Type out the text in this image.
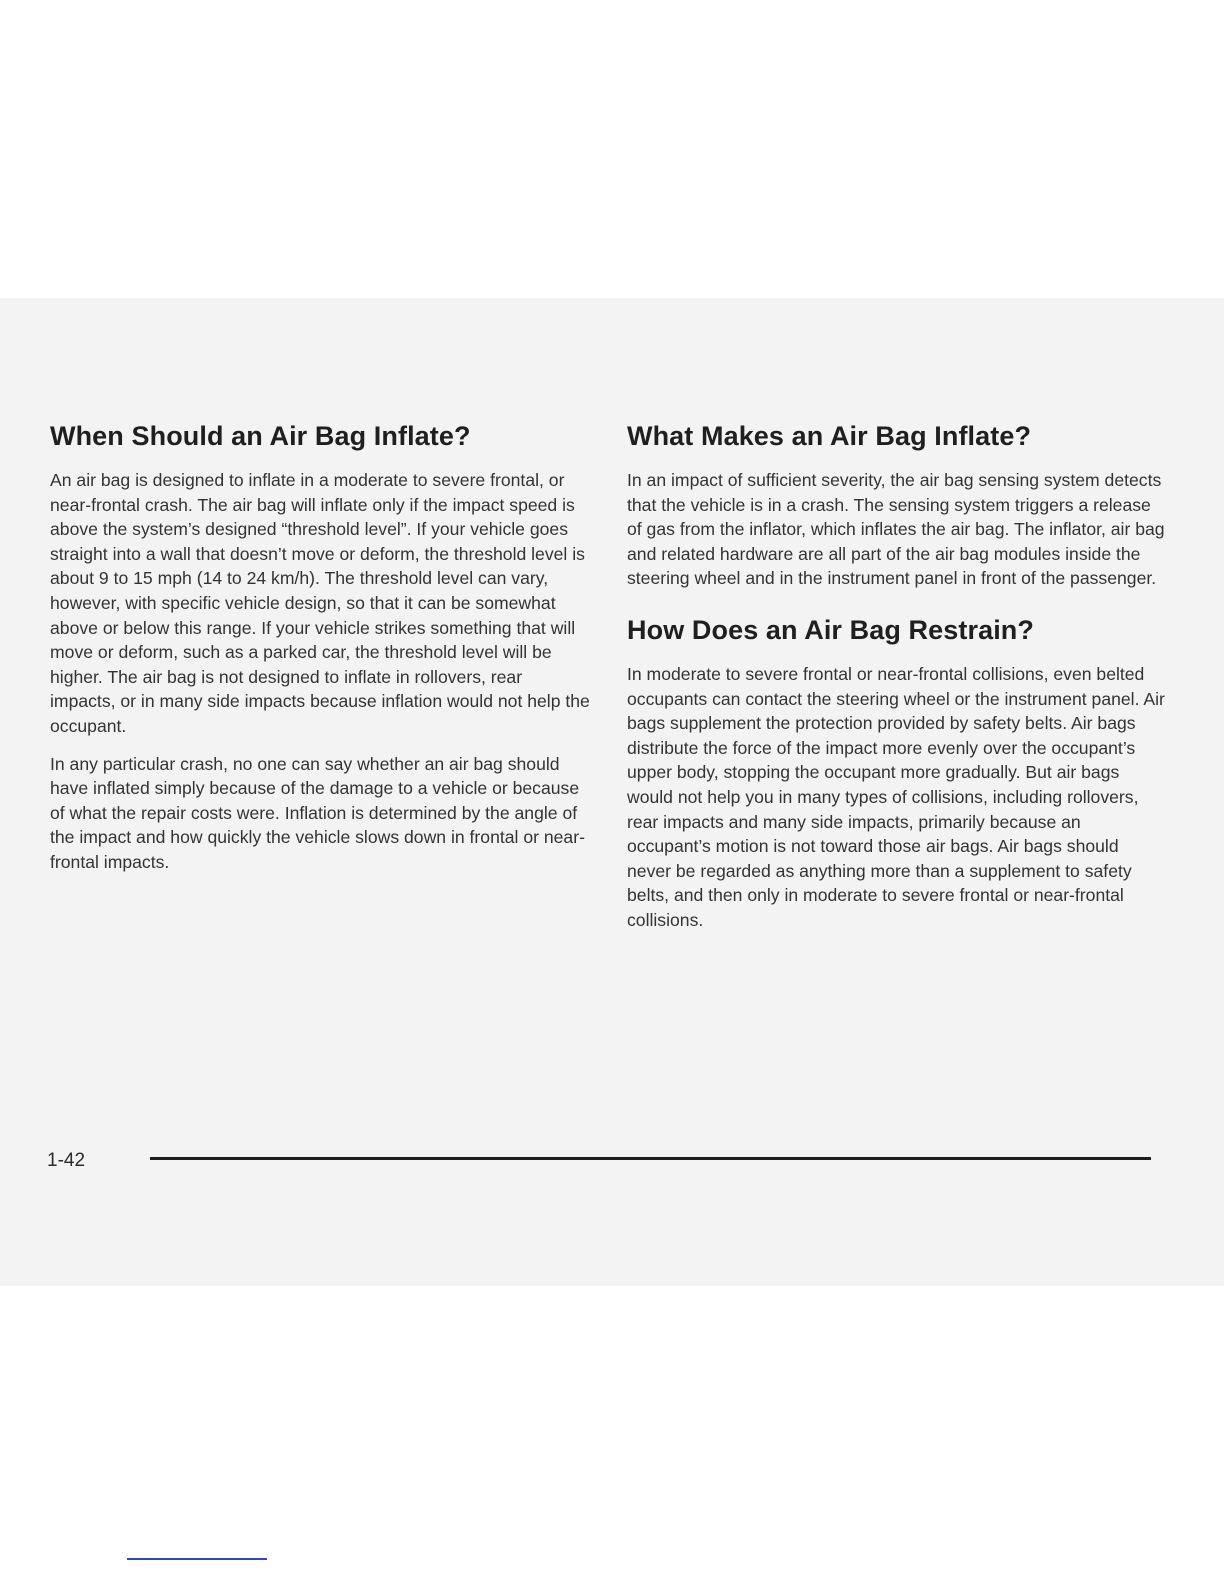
When Should an Air Bag Inflate?

An air bag is designed to inflate in a moderate to severe frontal, or near-frontal crash. The air bag will inflate only if the impact speed is above the system’s designed “threshold level”. If your vehicle goes straight into a wall that doesn’t move or deform, the threshold level is about 9 to 15 mph (14 to 24 km/h). The threshold level can vary, however, with specific vehicle design, so that it can be somewhat above or below this range. If your vehicle strikes something that will move or deform, such as a parked car, the threshold level will be higher. The air bag is not designed to inflate in rollovers, rear impacts, or in many side impacts because inflation would not help the occupant.

In any particular crash, no one can say whether an air bag should have inflated simply because of the damage to a vehicle or because of what the repair costs were. Inflation is determined by the angle of the impact and how quickly the vehicle slows down in frontal or near-frontal impacts.

What Makes an Air Bag Inflate?

In an impact of sufficient severity, the air bag sensing system detects that the vehicle is in a crash. The sensing system triggers a release of gas from the inflator, which inflates the air bag. The inflator, air bag and related hardware are all part of the air bag modules inside the steering wheel and in the instrument panel in front of the passenger.

How Does an Air Bag Restrain?

In moderate to severe frontal or near-frontal collisions, even belted occupants can contact the steering wheel or the instrument panel. Air bags supplement the protection provided by safety belts. Air bags distribute the force of the impact more evenly over the occupant’s upper body, stopping the occupant more gradually. But air bags would not help you in many types of collisions, including rollovers, rear impacts and many side impacts, primarily because an occupant’s motion is not toward those air bags. Air bags should never be regarded as anything more than a supplement to safety belts, and then only in moderate to severe frontal or near-frontal collisions.

1-42
